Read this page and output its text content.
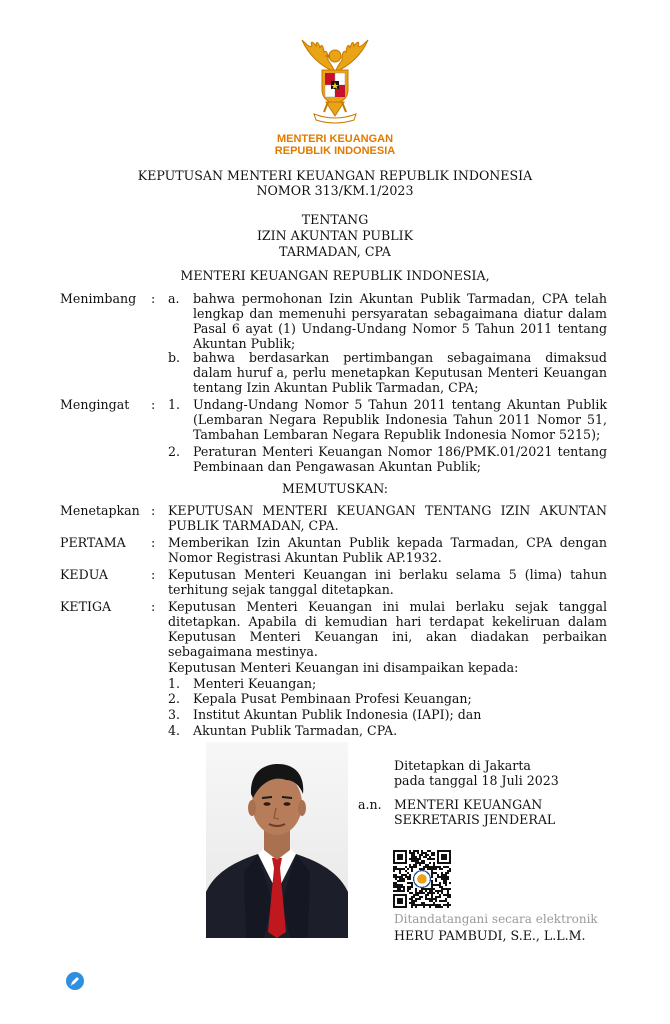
MENTERI KEUANGAN
REPUBLIK INDONESIA
KEPUTUSAN MENTERI KEUANGAN REPUBLIK INDONESIA
NOMOR 313/KM.1/2023
TENTANG
IZIN AKUNTAN PUBLIK
TARMADAN, CPA
MENTERI KEUANGAN REPUBLIK INDONESIA,
Menimbang : a. bahwa permohonan Izin Akuntan Publik Tarmadan, CPA telah lengkap dan memenuhi persyaratan sebagaimana diatur dalam Pasal 6 ayat (1) Undang-Undang Nomor 5 Tahun 2011 tentang Akuntan Publik;
b. bahwa berdasarkan pertimbangan sebagaimana dimaksud dalam huruf a, perlu menetapkan Keputusan Menteri Keuangan tentang Izin Akuntan Publik Tarmadan, CPA;
Mengingat : 1. Undang-Undang Nomor 5 Tahun 2011 tentang Akuntan Publik (Lembaran Negara Republik Indonesia Tahun 2011 Nomor 51, Tambahan Lembaran Negara Republik Indonesia Nomor 5215);
2. Peraturan Menteri Keuangan Nomor 186/PMK.01/2021 tentang Pembinaan dan Pengawasan Akuntan Publik;
MEMUTUSKAN:
Menetapkan : KEPUTUSAN MENTERI KEUANGAN TENTANG IZIN AKUNTAN PUBLIK TARMADAN, CPA.
PERTAMA : Memberikan Izin Akuntan Publik kepada Tarmadan, CPA dengan Nomor Registrasi Akuntan Publik AP.1932.
KEDUA	: Keputusan Menteri Keuangan ini berlaku selama 5 (lima) tahun terhitung sejak tanggal ditetapkan.
KETIGA	: Keputusan Menteri Keuangan ini mulai berlaku sejak tanggal ditetapkan. Apabila di kemudian hari terdapat kekeliruan dalam Keputusan Menteri Keuangan ini, akan diadakan perbaikan sebagaimana mestinya.
Keputusan Menteri Keuangan ini disampaikan kepada:
1. Menteri Keuangan;
2. Kepala Pusat Pembinaan Profesi Keuangan;
3. Institut Akuntan Publik Indonesia (IAPI); dan
4. Akuntan Publik Tarmadan, CPA.
Ditetapkan di Jakarta
pada tanggal 18 Juli 2023
a.n. MENTERI KEUANGAN
SEKRETARIS JENDERAL
Ditandatangani secara elektronik
HERU PAMBUDI, S.E., L.L.M.
